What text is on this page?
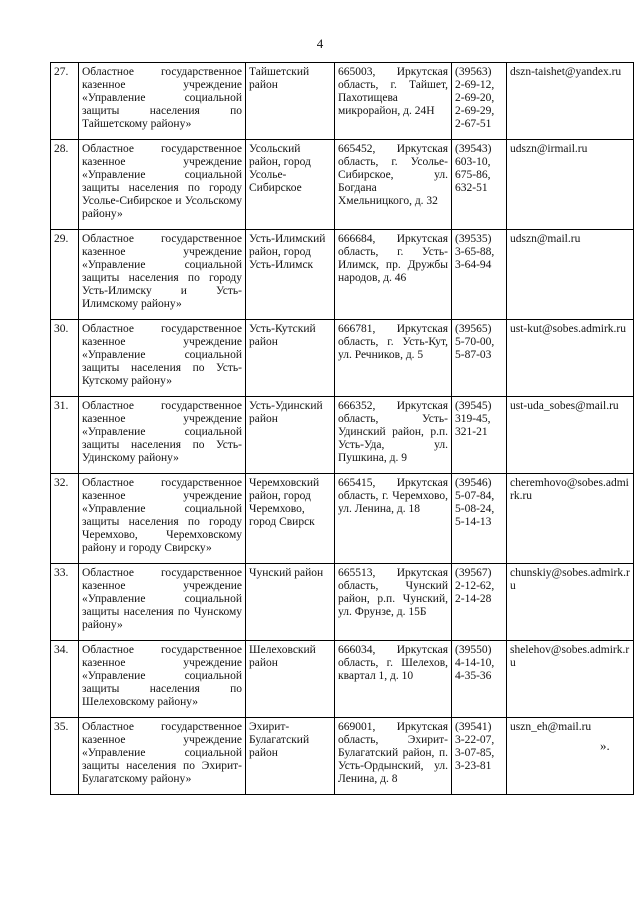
4
27.	Областное государственное казенное учреждение «Управление социальной защиты населения по Тайшетскому району»	Тайшетский район	665003, Иркутская область, г. Тайшет, Пахотищева микрорайон, д. 24Н	(39563) 2-69-12, 2-69-20, 2-69-29, 2-67-51	dszn-taishet@yandex.ru
28.	Областное государственное казенное учреждение «Управление социальной защиты населения по городу Усолье-Сибирское и Усольскому району»	Усольский район, город Усолье-Сибирское	665452, Иркутская область, г. Усолье-Сибирское, ул. Богдана Хмельницкого, д. 32	(39543) 603-10, 675-86, 632-51	udszn@irmail.ru
29.	Областное государственное казенное учреждение «Управление социальной защиты населения по городу Усть-Илимску и Усть-Илимскому району»	Усть-Илимский район, город Усть-Илимск	666684, Иркутская область, г. Усть-Илимск, пр. Дружбы народов, д. 46	(39535) 3-65-88, 3-64-94	udszn@mail.ru
30.	Областное государственное казенное учреждение «Управление социальной защиты населения по Усть-Кутскому району»	Усть-Кутский район	666781, Иркутская область, г. Усть-Кут, ул. Речников, д. 5	(39565) 5-70-00, 5-87-03	ust-kut@sobes.admirk.ru
31.	Областное государственное казенное учреждение «Управление социальной защиты населения по Усть-Удинскому району»	Усть-Удинский район	666352, Иркутская область, Усть-Удинский район, р.п. Усть-Уда, ул. Пушкина, д. 9	(39545) 319-45, 321-21	ust-uda_sobes@mail.ru
32.	Областное государственное казенное учреждение «Управление социальной защиты населения по городу Черемхово, Черемховскому району и городу Свирску»	Черемховский район, город Черемхово, город Свирск	665415, Иркутская область, г. Черемхово, ул. Ленина, д. 18	(39546) 5-07-84, 5-08-24, 5-14-13	cheremhovo@sobes.admirk.ru
33.	Областное государственное казенное учреждение «Управление социальной защиты населения по Чунскому району»	Чунский район	665513, Иркутская область, Чунский район, р.п. Чунский, ул. Фрунзе, д. 15Б	(39567) 2-12-62, 2-14-28	chunskiy@sobes.admirk.ru
34.	Областное государственное казенное учреждение «Управление социальной защиты населения по Шелеховскому району»	Шелеховский район	666034, Иркутская область, г. Шелехов, квартал 1, д. 10	(39550) 4-14-10, 4-35-36	shelehov@sobes.admirk.ru
35.	Областное государственное казенное учреждение «Управление социальной защиты населения по Эхирит-Булагатскому району»	Эхирит-Булагатский район	669001, Иркутская область, Эхирит-Булагатский район, п. Усть-Ордынский, ул. Ленина, д. 8	(39541) 3-22-07, 3-07-85, 3-23-81	uszn_eh@mail.ru
».
